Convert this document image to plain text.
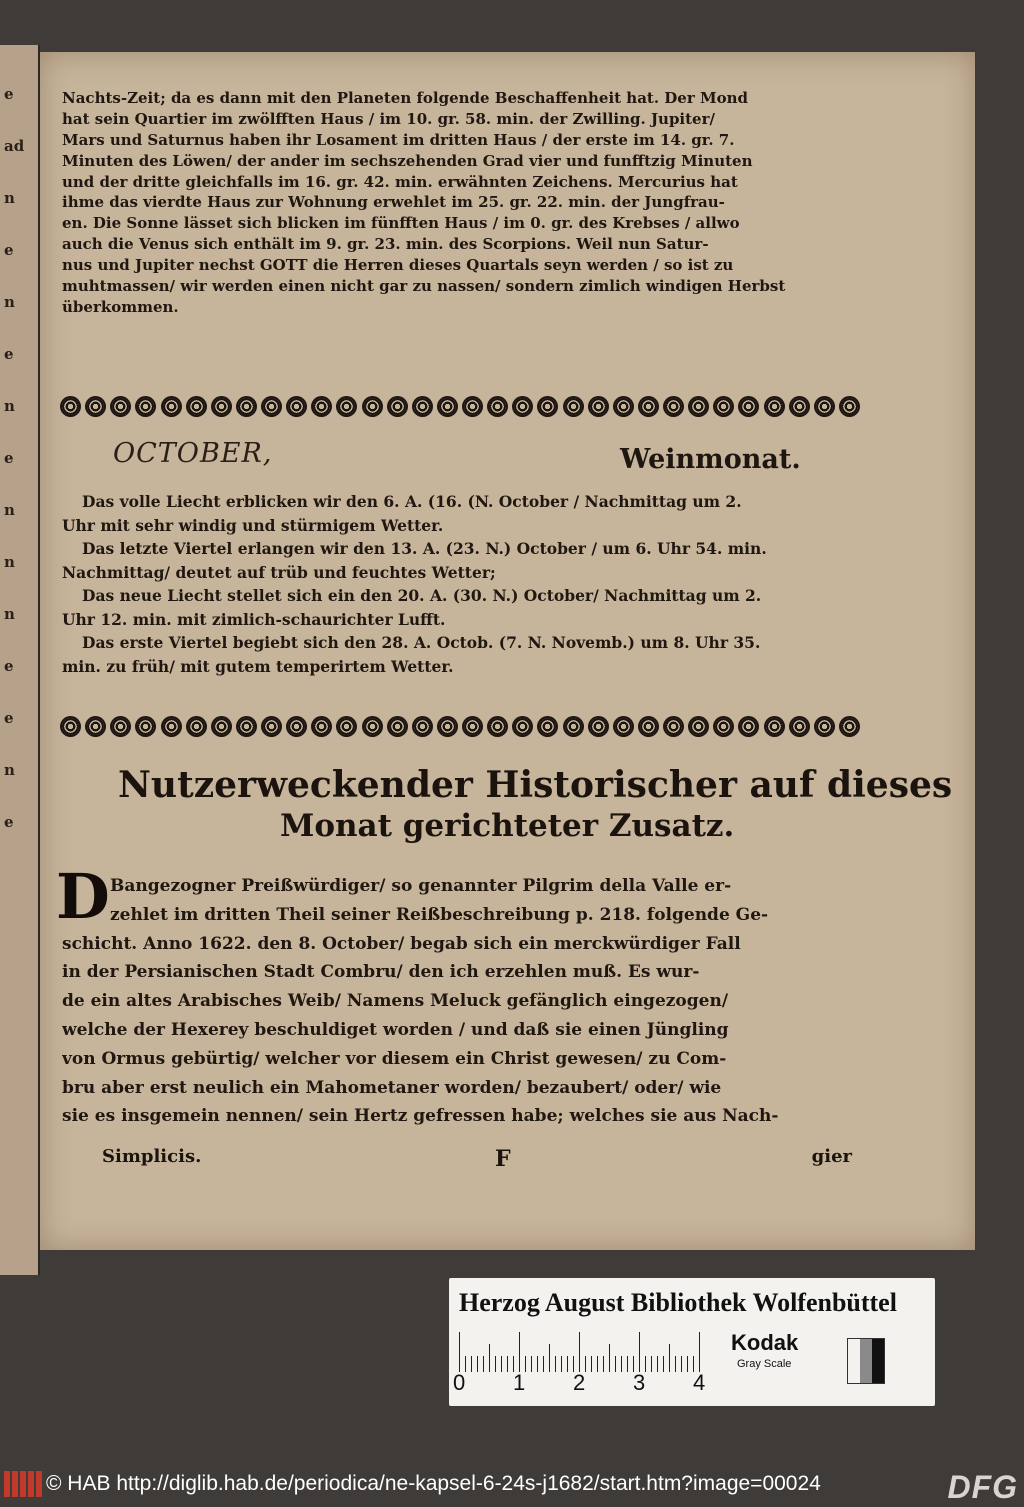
e
ad
n
e
n
e
n
e
n
n
n
e
e
n
e
Nachts-Zeit; da es dann mit den Planeten folgende Beschaffenheit hat. Der Mond
hat sein Quartier im zwölfften Haus / im 10. gr. 58. min. der Zwilling. Jupiter/
Mars und Saturnus haben ihr Losament im dritten Haus / der erste im 14. gr. 7.
Minuten des Löwen/ der ander im sechszehenden Grad vier und funfftzig Minuten
und der dritte gleichfalls im 16. gr. 42. min. erwähnten Zeichens. Mercurius hat
ihme das vierdte Haus zur Wohnung erwehlet im 25. gr. 22. min. der Jungfrau-
en. Die Sonne lässet sich blicken im fünfften Haus / im 0. gr. des Krebses / allwo
auch die Venus sich enthält im 9. gr. 23. min. des Scorpions. Weil nun Satur-
nus und Jupiter nechst GOTT die Herren dieses Quartals seyn werden / so ist zu
muhtmassen/ wir werden einen nicht gar zu nassen/ sondern zimlich windigen Herbst
überkommen.
OCTOBER,	Weinmonat.
Das volle Liecht erblicken wir den 6. A. (16. (N. October / Nachmittag um 2.
Uhr mit sehr windig und stürmigem Wetter.
Das letzte Viertel erlangen wir den 13. A. (23. N.) October / um 6. Uhr 54. min.
Nachmittag/ deutet auf trüb und feuchtes Wetter;
Das neue Liecht stellet sich ein den 20. A. (30. N.) October/ Nachmittag um 2.
Uhr 12. min. mit zimlich-schaurichter Lufft.
Das erste Viertel begiebt sich den 28. A. Octob. (7. N. Novemb.) um 8. Uhr 35.
min. zu früh/ mit gutem temperirtem Wetter.
Nutzerweckender Historischer auf dieses
Monat gerichteter Zusatz.
D Bangezogner Preißwürdiger/ so genannter Pilgrim della Valle er-
zehlet im dritten Theil seiner Reißbeschreibung p. 218. folgende Ge-
schicht. Anno 1622. den 8. October/ begab sich ein merckwürdiger Fall
in der Persianischen Stadt Combru/ den ich erzehlen muß. Es wur-
de ein altes Arabisches Weib/ Namens Meluck gefänglich eingezogen/
welche der Hexerey beschuldiget worden / und daß sie einen Jüngling
von Ormus gebürtig/ welcher vor diesem ein Christ gewesen/ zu Com-
bru aber erst neulich ein Mahometaner worden/ bezaubert/ oder/ wie
sie es insgemein nennen/ sein Hertz gefressen habe; welches sie aus Nach-
Simplicis.	F	gier
Herzog August Bibliothek Wolfenbüttel
0 1 2 3 4
Kodak
Gray Scale
© HAB http://diglib.hab.de/periodica/ne-kapsel-6-24s-j1682/start.htm?image=00024	DFG
